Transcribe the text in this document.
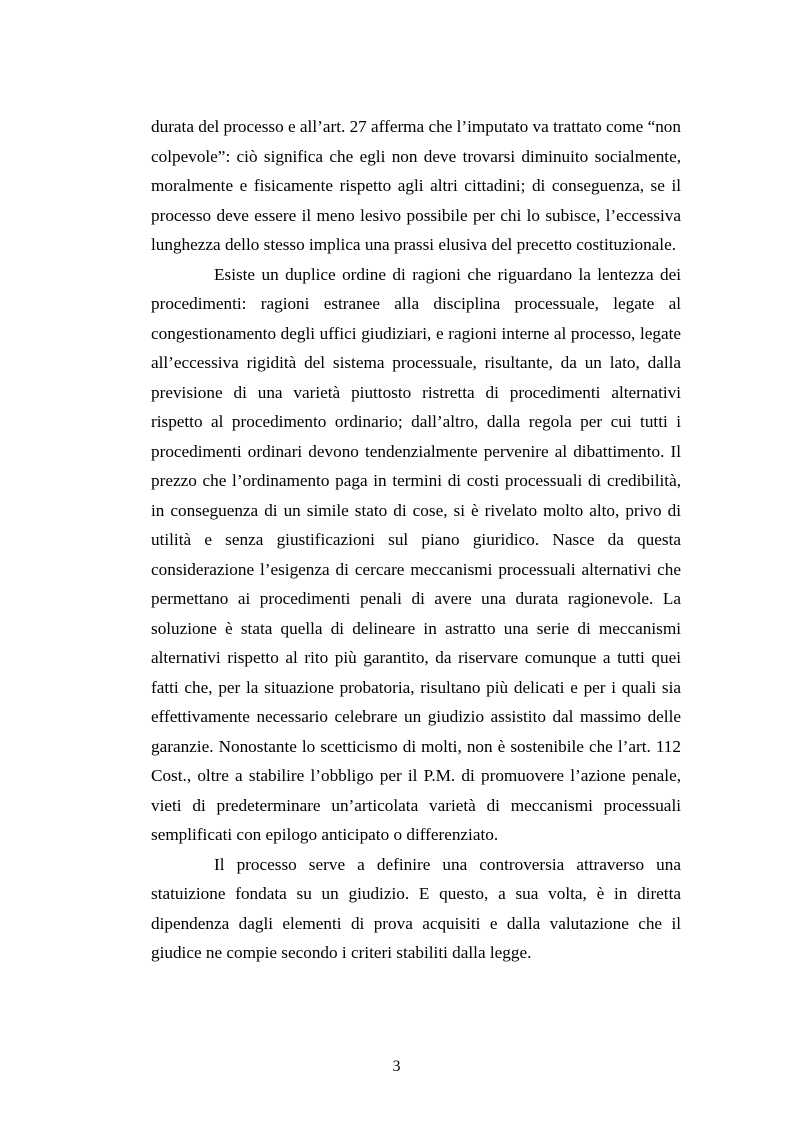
durata del processo e all’art. 27 afferma che l’imputato va trattato come “non colpevole”: ciò significa che egli non deve trovarsi diminuito socialmente, moralmente e fisicamente rispetto agli altri cittadini; di conseguenza, se il processo deve essere il meno lesivo possibile per chi lo subisce, l’eccessiva lunghezza dello stesso implica una prassi elusiva del precetto costituzionale.

Esiste un duplice ordine di ragioni che riguardano la lentezza dei procedimenti: ragioni estranee alla disciplina processuale, legate al congestionamento degli uffici giudiziari, e ragioni interne al processo, legate all’eccessiva rigidità del sistema processuale, risultante, da un lato, dalla previsione di una varietà piuttosto ristretta di procedimenti alternativi rispetto al procedimento ordinario; dall’altro, dalla regola per cui tutti i procedimenti ordinari devono tendenzialmente pervenire al dibattimento. Il prezzo che l’ordinamento paga in termini di costi processuali di credibilità, in conseguenza di un simile stato di cose, si è rivelato molto alto, privo di utilità e senza giustificazioni sul piano giuridico. Nasce da questa considerazione l’esigenza di cercare meccanismi processuali alternativi che permettano ai procedimenti penali di avere una durata ragionevole. La soluzione è stata quella di delineare in astratto una serie di meccanismi alternativi rispetto al rito più garantito, da riservare comunque a tutti quei fatti che, per la situazione probatoria, risultano più delicati e per i quali sia effettivamente necessario celebrare un giudizio assistito dal massimo delle garanzie. Nonostante lo scetticismo di molti, non è sostenibile che l’art. 112 Cost., oltre a stabilire l’obbligo per il P.M. di promuovere l’azione penale, vieti di predeterminare un’articolata varietà di meccanismi processuali semplificati con epilogo anticipato o differenziato.

Il processo serve a definire una controversia attraverso una statuizione fondata su un giudizio. E questo, a sua volta, è in diretta dipendenza dagli elementi di prova acquisiti e dalla valutazione che il giudice ne compie secondo i criteri stabiliti dalla legge.

3
